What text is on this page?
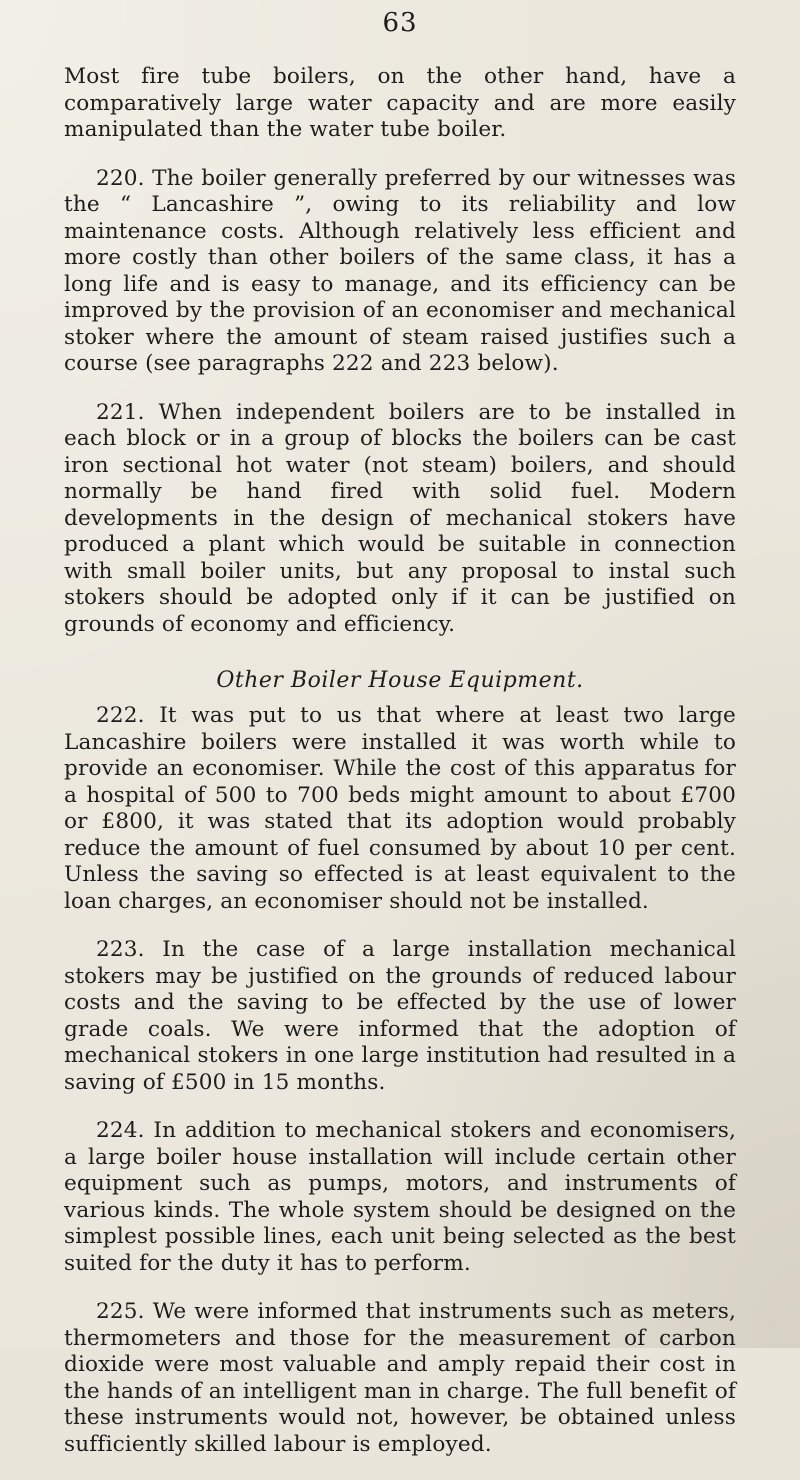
63

Most fire tube boilers, on the other hand, have a comparatively large water capacity and are more easily manipulated than the water tube boiler.

220. The boiler generally preferred by our witnesses was the “ Lancashire ”, owing to its reliability and low maintenance costs. Although relatively less efficient and more costly than other boilers of the same class, it has a long life and is easy to manage, and its efficiency can be improved by the provision of an economiser and mechanical stoker where the amount of steam raised justifies such a course (see paragraphs 222 and 223 below).

221. When independent boilers are to be installed in each block or in a group of blocks the boilers can be cast iron sectional hot water (not steam) boilers, and should normally be hand fired with solid fuel. Modern developments in the design of mechanical stokers have produced a plant which would be suitable in connection with small boiler units, but any proposal to instal such stokers should be adopted only if it can be justified on grounds of economy and efficiency.

Other Boiler House Equipment.

222. It was put to us that where at least two large Lancashire boilers were installed it was worth while to provide an economiser. While the cost of this apparatus for a hospital of 500 to 700 beds might amount to about £700 or £800, it was stated that its adoption would probably reduce the amount of fuel consumed by about 10 per cent. Unless the saving so effected is at least equivalent to the loan charges, an economiser should not be installed.

223. In the case of a large installation mechanical stokers may be justified on the grounds of reduced labour costs and the saving to be effected by the use of lower grade coals. We were informed that the adoption of mechanical stokers in one large institution had resulted in a saving of £500 in 15 months.

224. In addition to mechanical stokers and economisers, a large boiler house installation will include certain other equipment such as pumps, motors, and instruments of various kinds. The whole system should be designed on the simplest possible lines, each unit being selected as the best suited for the duty it has to perform.

225. We were informed that instruments such as meters, thermometers and those for the measurement of carbon dioxide were most valuable and amply repaid their cost in the hands of an intelligent man in charge. The full benefit of these instruments would not, however, be obtained unless sufficiently skilled labour is employed.
